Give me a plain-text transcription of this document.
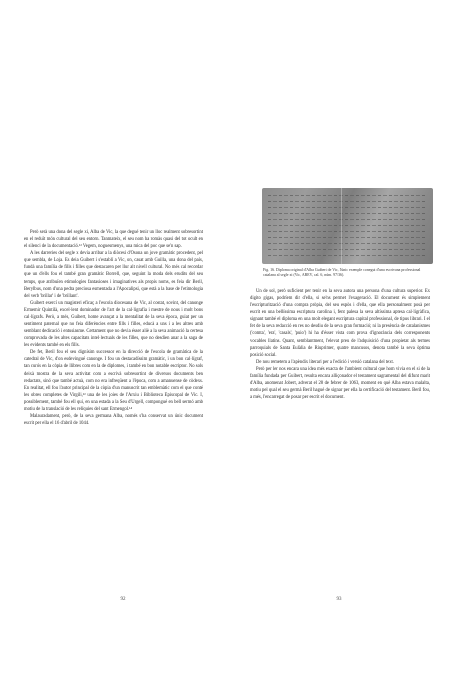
Però serà una dona del segle xi, Alba de Vic, la que degué tenir un lloc realment sobresortint en el reduït món cultural del seu entorn. Tanmateix, el seu nom ha romàs quasi del tot ocult en el silenci de la documentació.¹² Vegem, noguesmenys, una mica del poc que se'n sap.

A les darreries del segle x devia arribar a la diòcesi d'Osona un jove gramàtic procedent, pel que sembla, de Loja. Es deia Guibert i s'establí a Vic, on, casat amb Guilla, una dona del país, fundà una família de fills i filles que destacaren per llur alt nivell cultural. No més cal recordar que un d'ells fou el també gran gramàtic Borrell, que, seguint la moda dels erudits del seu temps, que atribuïen etimologies fantasioses i imaginatives als propis noms, es feia dir Beril, Berylbus, nom d'una pedra preciosa esmentada a l'Apocalipsi, que està a la base de l'etimologia del verb 'brillar' i de 'brillant'.

Guibert exercí un magisteri eficaç a l'escola diocesana de Vic, al costat, sovint, del canonge Ermemir Quintilà, excel·lent dominador de l'art de la cal·ligrafia i mestre de nous i molt bons cal·lígrafs. Però, a més, Guibert, home avançat a la mentalitat de la seva època, guiat per un sentiment paternal que no feia diferències entre fills i filles, educà a uns i a les altres amb semblant dedicació i entusiasme. Certament que no devia ésser aliè a la seva animació la certesa comprovada de les altes capacitats intel·lectuals de les filles, que no desdien anar a la saga de les evidents també en els fills.

De fet, Beril fou el seu dignísim successor en la direcció de l'escola de gramàtica de la catedral de Vic, d'on esdevingué canonge. I fou un destacadíssim gramàtic, i un bon cal·lígraf, tan curós en la còpia de llibres com en la de diplomes, i també en bon notable escriptor. No sols deixà mostra de la seva activitat com a escrivà sobresortint de diversos documents ben redactats, sinó que també actuà, com no era infreqüent a l'època, com a amanuense de còdexs. En realitat, ell fou l'autor principal de la còpia d'un manuscrit tan emblemàtic com el que conté les obres completes de Virgili,¹³ una de les joies de l'Arxiu i Biblioteca Episcopal de Vic. I, possiblement, també fou ell qui, en una estada a la Seu d'Urgell, compongué en bell sermó amb motiu de la translació de les relíquies del sant Ermengol.¹⁴

Malauradament, però, de la seva germana Alba, només s'ha conservat un únic document escrit per ella el 16 d'abril de 1044.

92
Fig. 16. Diploma original d'Alba Guibert de Vic, l'únic exemple conegut d'una escrivana professional catalana al segle xi (Vic, ABEV, cal. 6, núm. 97/36).

Un de sol, però suficient per tenir en la seva autora una persona d'una cultura superior. Ex digito gigas, podríem dir d'ella, si se'ns permet l'exageració. El document és simplement l'escripturització d'una compra pròpia, del seu espòs i d'ella, que ella personalment posà per escrit en una bellíssima escriptura carolina i, fent palesa la seva altíssima aptesa cal·ligràfica, signant també el diploma en una molt elegant escriptura capital professional, de tipus librari. I el fet de la seva redacció en res no desdiu de la seva gran formació; ni la presència de catalanismes ('comta', 'era', 'casals', 'puio') hi ha d'ésser vista com prova d'ignorància dels corresponents vocables llatins. Quant, semblantment, l'elevat preu de l'adquisició d'una propietat als termes parroquials de Santa Eulàlia de Riuprimer, quatre mancusos, denota també la seva òptima posició social.

De nou remetem a l'apèndix literari per a l'edició i versió catalana del text.

Però per ler nos encara una idea més exacta de l'ambient cultural que hom vivia en el si de la família fundada per Guibert, resulta encara alliçonador el testament sagramental del difunt marit d'Alba, anomenat Jobert, adverat el 28 de febrer de 1063, moment en què Alba estava malalta, motiu pel qual el seu germà Beril hagué de signar per ella la certificació del testament. Beril fou, a més, l'encarregat de posar per escrit el document.

93
